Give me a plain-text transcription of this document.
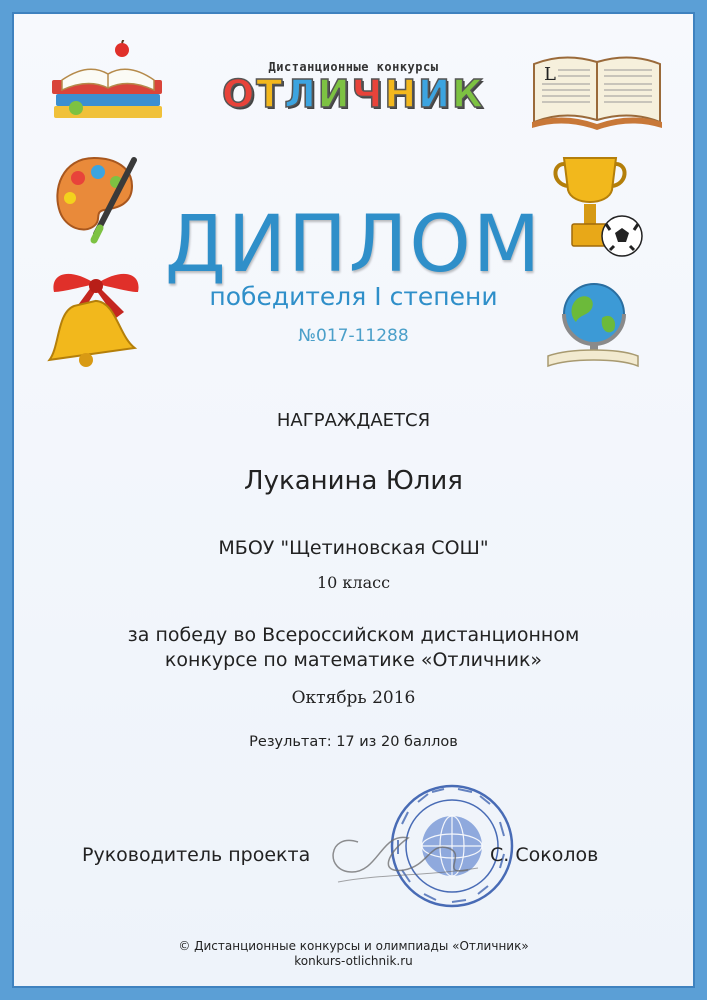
L
Дистанционные конкурсы
ОТЛИЧНИК
ДИПЛОМ
победителя I степени
№017-11288
НАГРАЖДАЕТСЯ
Луканина Юлия
МБОУ "Щетиновская СОШ"
10 класс
за победу во Всероссийском дистанционном
конкурсе по математике «Отличник»
Октябрь 2016
Результат: 17 из 20 баллов
Руководитель проекта	С. Соколов
© Дистанционные конкурсы и олимпиады «Отличник»
konkurs-otlichnik.ru
